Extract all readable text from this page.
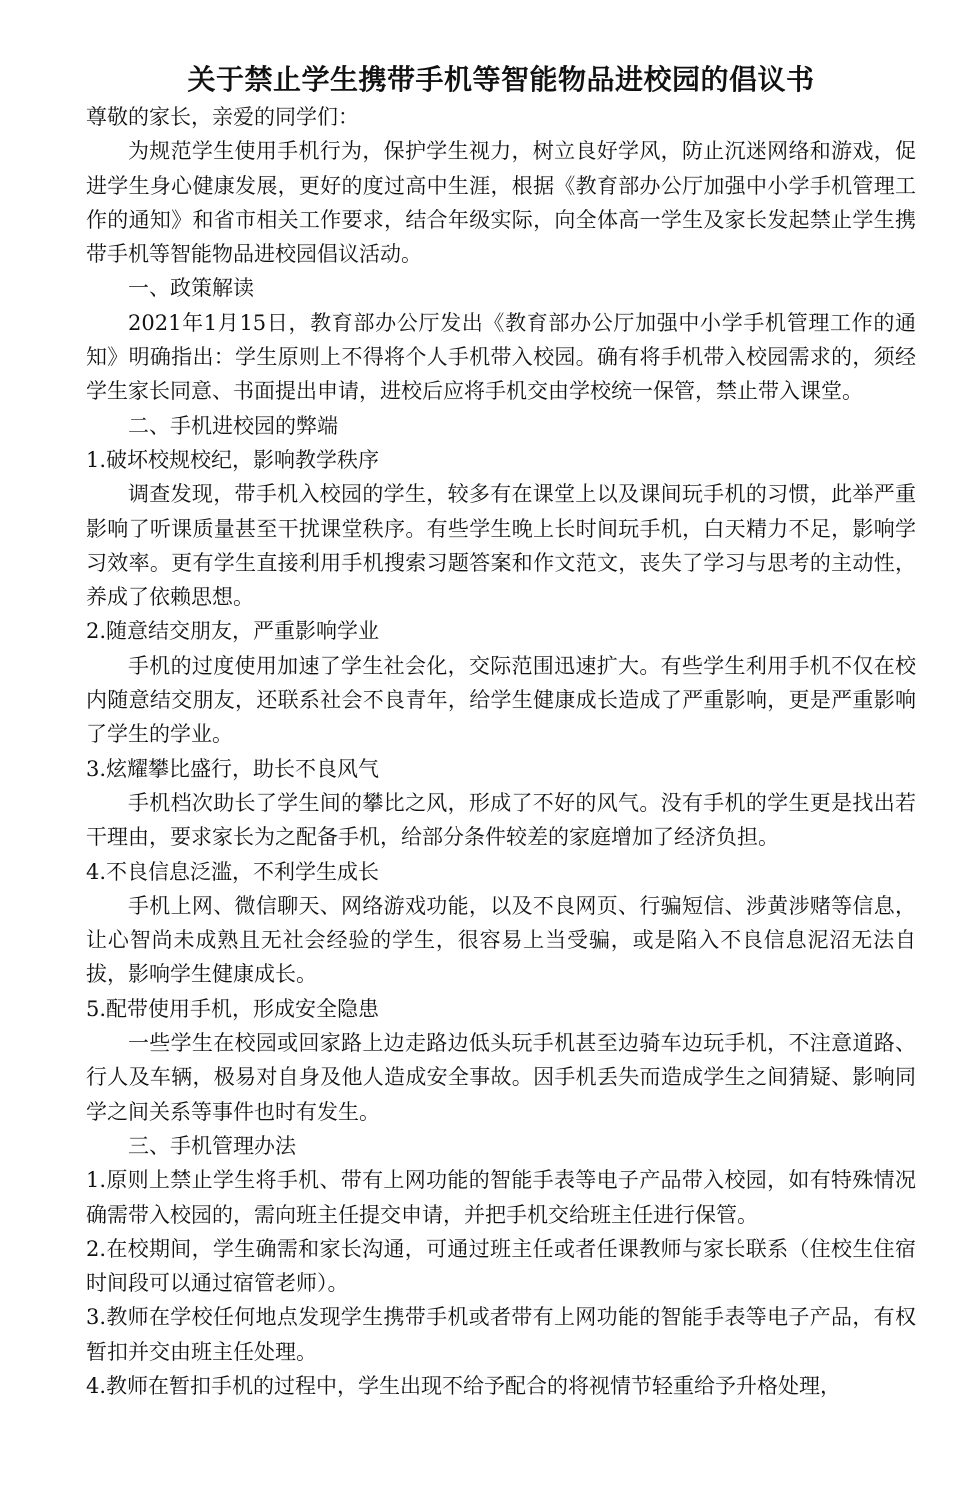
关于禁止学生携带手机等智能物品进校园的倡议书

尊敬的家长，亲爱的同学们：

为规范学生使用手机行为，保护学生视力，树立良好学风，防止沉迷网络和游戏，促进学生身心健康发展，更好的度过高中生涯，根据《教育部办公厅加强中小学手机管理工作的通知》和省市相关工作要求，结合年级实际，向全体高一学生及家长发起禁止学生携带手机等智能物品进校园倡议活动。

一、政策解读

2021年1月15日，教育部办公厅发出《教育部办公厅加强中小学手机管理工作的通知》明确指出：学生原则上不得将个人手机带入校园。确有将手机带入校园需求的，须经学生家长同意、书面提出申请，进校后应将手机交由学校统一保管，禁止带入课堂。

二、手机进校园的弊端

1.破坏校规校纪，影响教学秩序

调查发现，带手机入校园的学生，较多有在课堂上以及课间玩手机的习惯，此举严重影响了听课质量甚至干扰课堂秩序。有些学生晚上长时间玩手机，白天精力不足，影响学习效率。更有学生直接利用手机搜索习题答案和作文范文，丧失了学习与思考的主动性，养成了依赖思想。

2.随意结交朋友，严重影响学业

手机的过度使用加速了学生社会化，交际范围迅速扩大。有些学生利用手机不仅在校内随意结交朋友，还联系社会不良青年，给学生健康成长造成了严重影响，更是严重影响了学生的学业。

3.炫耀攀比盛行，助长不良风气

手机档次助长了学生间的攀比之风，形成了不好的风气。没有手机的学生更是找出若干理由，要求家长为之配备手机，给部分条件较差的家庭增加了经济负担。

4.不良信息泛滥，不利学生成长

手机上网、微信聊天、网络游戏功能，以及不良网页、行骗短信、涉黄涉赌等信息，让心智尚未成熟且无社会经验的学生，很容易上当受骗，或是陷入不良信息泥沼无法自拔，影响学生健康成长。

5.配带使用手机，形成安全隐患

一些学生在校园或回家路上边走路边低头玩手机甚至边骑车边玩手机，不注意道路、行人及车辆，极易对自身及他人造成安全事故。因手机丢失而造成学生之间猜疑、影响同学之间关系等事件也时有发生。

三、手机管理办法

1.原则上禁止学生将手机、带有上网功能的智能手表等电子产品带入校园，如有特殊情况确需带入校园的，需向班主任提交申请，并把手机交给班主任进行保管。

2.在校期间，学生确需和家长沟通，可通过班主任或者任课教师与家长联系（住校生住宿时间段可以通过宿管老师）。

3.教师在学校任何地点发现学生携带手机或者带有上网功能的智能手表等电子产品，有权暂扣并交由班主任处理。

4.教师在暂扣手机的过程中，学生出现不给予配合的将视情节轻重给予升格处理，
